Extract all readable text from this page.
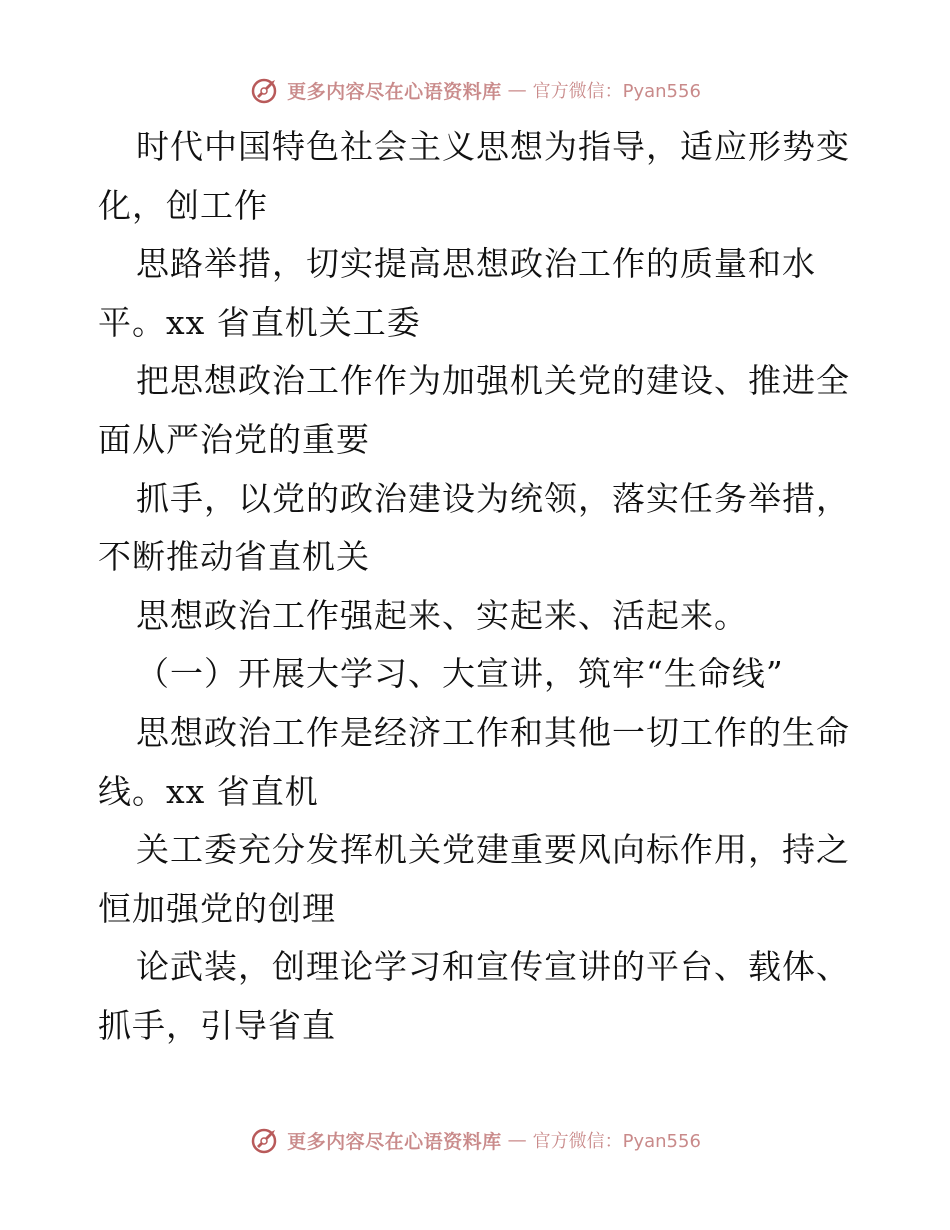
更多内容尽在心语资料库 — 官方微信：Pyan556
时代中国特色社会主义思想为指导，适应形势变
化，创工作
思路举措，切实提高思想政治工作的质量和水
平。xx 省直机关工委
把思想政治工作作为加强机关党的建设、推进全
面从严治党的重要
抓手，以党的政治建设为统领，落实任务举措，
不断推动省直机关
思想政治工作强起来、实起来、活起来。
（一）开展大学习、大宣讲，筑牢“生命线”
思想政治工作是经济工作和其他一切工作的生命
线。xx 省直机
关工委充分发挥机关党建重要风向标作用，持之
恒加强党的创理
论武装，创理论学习和宣传宣讲的平台、载体、
抓手，引导省直
更多内容尽在心语资料库 — 官方微信：Pyan556
